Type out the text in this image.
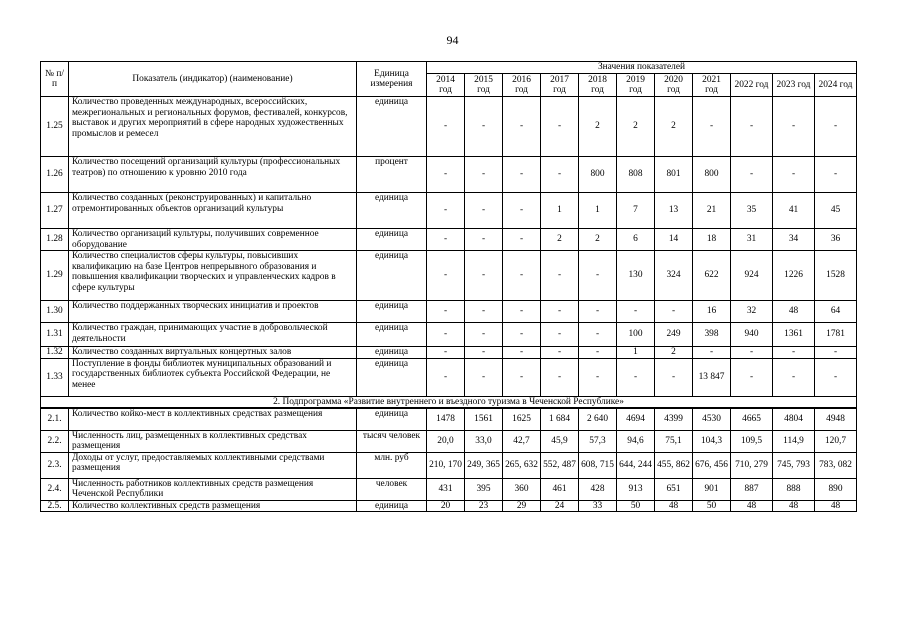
94
№ п/п	Показатель (индикатор) (наименование)	Единица измерения	Значения показателей										
			2014 год	2015 год	2016 год	2017 год	2018 год	2019 год	2020 год	2021 год	2022 год	2023 год	2024 год
1.25	Количество проведенных международных, всероссийских, межрегиональных и региональных форумов, фестивалей, конкурсов, выставок и других мероприятий в сфере народных художественных промыслов и ремесел	единица	-	-	-	-	2	2	2	-	-	-	-
1.26	Количество посещений организаций культуры (профессиональных театров) по отношению к уровню 2010 года	процент	-	-	-	-	800	808	801	800	-	-	-
1.27	Количество созданных (реконструированных) и капитально отремонтированных объектов организаций культуры	единица	-	-	-	1	1	7	13	21	35	41	45
1.28	Количество организаций культуры, получивших современное оборудование	единица	-	-	-	2	2	6	14	18	31	34	36
1.29	Количество специалистов сферы культуры, повысивших квалификацию на базе Центров непрерывного образования и повышения квалификации творческих и управленческих кадров в сфере культуры	единица	-	-	-	-	-	130	324	622	924	1226	1528
1.30	Количество поддержанных творческих инициатив и проектов	единица	-	-	-	-	-	-	-	16	32	48	64
1.31	Количество граждан, принимающих участие в добровольческой деятельности	единица	-	-	-	-	-	100	249	398	940	1361	1781
1.32	Количество созданных виртуальных концертных залов	единица	-	-	-	-	-	1	2	-	-	-	-
1.33	Поступление в фонды библиотек муниципальных образований и государственных библиотек субъекта Российской Федерации, не менее	единица	-	-	-	-	-	-	-	13 847	-	-	-
2. Подпрограмма «Развитие внутреннего и въездного туризма в Чеченской Республике»													
2.1.	Количество койко-мест в коллективных средствах размещения	единица	1478	1561	1625	1 684	2 640	4694	4399	4530	4665	4804	4948
2.2.	Численность лиц, размещенных в коллективных средствах размещения	тысяч человек	20,0	33,0	42,7	45,9	57,3	94,6	75,1	104,3	109,5	114,9	120,7
2.3.	Доходы от услуг, предоставляемых коллективными средствами размещения	млн. руб	210, 170	249, 365	265, 632	552, 487	608, 715	644, 244	455, 862	676, 456	710, 279	745, 793	783, 082
2.4.	Численность работников коллективных средств размещения Чеченской Республики	человек	431	395	360	461	428	913	651	901	887	888	890
2.5.	Количество коллективных средств размещения	единица	20	23	29	24	33	50	48	50	48	48	48
